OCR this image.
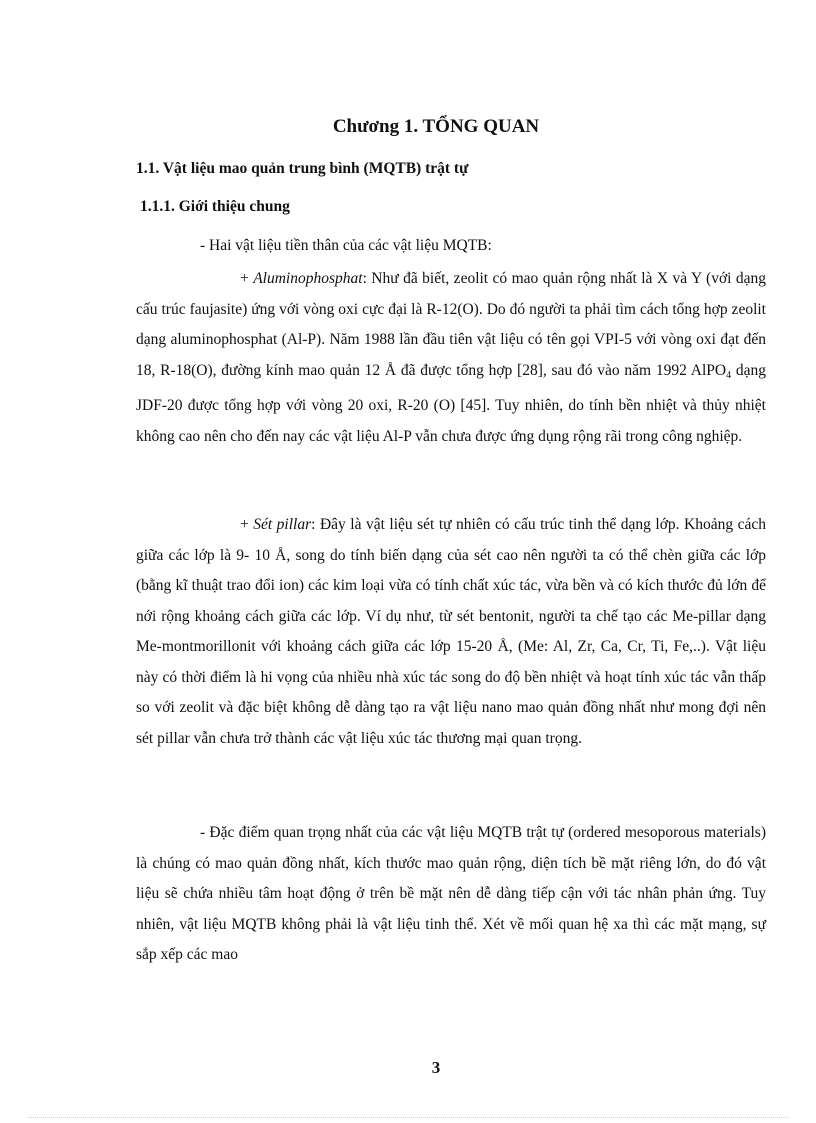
Chương 1. TỔNG QUAN
1.1. Vật liệu mao quản trung bình (MQTB) trật tự
1.1.1. Giới thiệu chung

- Hai vật liệu tiền thân của các vật liệu MQTB:

+ Aluminophosphat: Như đã biết, zeolit có mao quản rộng nhất là X và Y (với dạng cấu trúc faujasite) ứng với vòng oxi cực đại là R-12(O). Do đó người ta phải tìm cách tổng hợp zeolit dạng aluminophosphat (Al-P). Năm 1988 lần đầu tiên vật liệu có tên gọi VPI-5 với vòng oxi đạt đến 18, R-18(O), đường kính mao quản 12 Å đã được tổng hợp [28], sau đó vào năm 1992 AlPO$_4$ dạng JDF-20 được tổng hợp với vòng 20 oxi, R-20 (O) [45]. Tuy nhiên, do tính bền nhiệt và thủy nhiệt không cao nên cho đến nay các vật liệu Al-P vẫn chưa được ứng dụng rộng rãi trong công nghiệp.

+ Sét pillar: Đây là vật liệu sét tự nhiên có cấu trúc tinh thể dạng lớp. Khoảng cách giữa các lớp là 9- 10 Å, song do tính biến dạng của sét cao nên người ta có thể chèn giữa các lớp (bằng kĩ thuật trao đổi ion) các kim loại vừa có tính chất xúc tác, vừa bền và có kích thước đủ lớn để nới rộng khoảng cách giữa các lớp. Ví dụ như, từ sét bentonit, người ta chế tạo các Me-pillar dạng Me-montmorillonit với khoảng cách giữa các lớp 15-20 Å, (Me: Al, Zr, Ca, Cr, Ti, Fe,..). Vật liệu này có thời điểm là hi vọng của nhiều nhà xúc tác song do độ bền nhiệt và hoạt tính xúc tác vẫn thấp so với zeolit và đặc biệt không dễ dàng tạo ra vật liệu nano mao quản đồng nhất như mong đợi nên sét pillar vẫn chưa trở thành các vật liệu xúc tác thương mại quan trọng.

- Đặc điểm quan trọng nhất của các vật liệu MQTB trật tự (ordered mesoporous materials) là chúng có mao quản đồng nhất, kích thước mao quản rộng, diện tích bề mặt riêng lớn, do đó vật liệu sẽ chứa nhiều tâm hoạt động ở trên bề mặt nên dễ dàng tiếp cận với tác nhân phản ứng. Tuy nhiên, vật liệu MQTB không phải là vật liệu tinh thể. Xét về mối quan hệ xa thì các mặt mạng, sự sắp xếp các mao

3
